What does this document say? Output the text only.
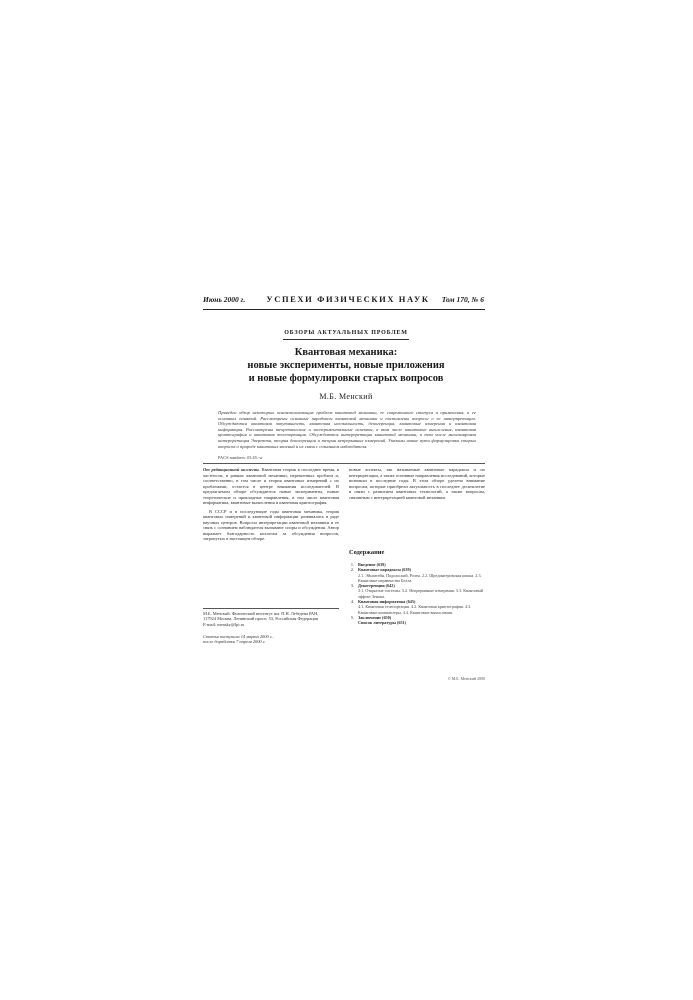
Июнь 2000 г.	УСПЕХИ ФИЗИЧЕСКИХ НАУК	Том 170, № 6
ОБЗОРЫ АКТУАЛЬНЫХ ПРОБЛЕМ
Квантовая механика:
новые эксперименты, новые приложения
и новые формулировки старых вопросов
М.Б. Менский
Приведен обзор некоторых основополагающих проблем квантовой механики, ее современного статуса и применения, и ее основных понятий. Рассмотрены основные парадоксы квантовой механики и поставлены вопросы о ее интерпретации. Обсуждаются квантовая запутанность, квантовая нелокальность, декогеренция, квантовые измерения и квантовая информация. Рассмотрены теоретические и экспериментальные аспекты, в том числе квантовые вычисления, квантовая криптография и квантовая телепортация. Обсуждаются интерпретации квантовой механики, в том числе многомировая интерпретация Эверетта, теория декогеренции и теория непрерывных измерений. Указаны новые пути формулировки старых вопросов о природе квантовых явлений и их связи с сознанием наблюдателя.
PACS numbers: 03.65.-w

От редакционной коллегии. Квантовая теория в последнее время, в частности, в рамках квантовой механики, нерешенных проблем и, соответственно, в том числе и теория квантовых измерений с их проблемами, остается в центре внимания исследователей. В предлагаемом обзоре обсуждаются новые эксперименты, новые теоретические и прикладные направления, в том числе квантовая информатика, квантовые вычисления и квантовая криптография.

В СССР и в последующие годы квантовая механика, теория квантовых измерений и квантовой информации развивались в ряде научных центров. Вопросы интерпретации квантовой механики и ее связь с сознанием наблюдателя вызывают споры и обсуждения. Автор выражает благодарность коллегам за обсуждения вопросов, затронутых в настоящем обзоре.

М.Б. Менский. Физический институт им. П.Н. Лебедева РАН,
117924 Москва, Ленинский просп. 53, Российская Федерация
E-mail: mensky@lpi.ru
Статья поступила 14 марта 2000 г.,
после доработки 7 апреля 2000 г.

новые аспекты, так называемые квантовые парадоксы и их интерпретации, а также основные направления исследований, которые возникли в последние годы. В этом обзоре уделено внимание вопросам, которые приобрели актуальность в последнее десятилетие в связи с развитием квантовых технологий, а также вопросам, связанным с интерпретацией квантовой механики.

Содержание
1. Введение (639)
2. Квантовые парадоксы (639)
2.1. Эйнштейн, Подольский, Розен. 2.2. Шредингеровская кошка. 2.3. Квантовые неравенства Белла.
3. Декогеренция (642)
3.1. Открытые системы. 3.2. Непрерывные измерения. 3.3. Квантовый эффект Зенона.
4. Квантовая информатика (645)
4.1. Квантовая телепортация. 4.2. Квантовая криптография. 4.3. Квантовые компьютеры. 4.4. Квантовые вычисления.
5. Заключение (650)
Список литературы (651)
© М.Б. Менский 2000
